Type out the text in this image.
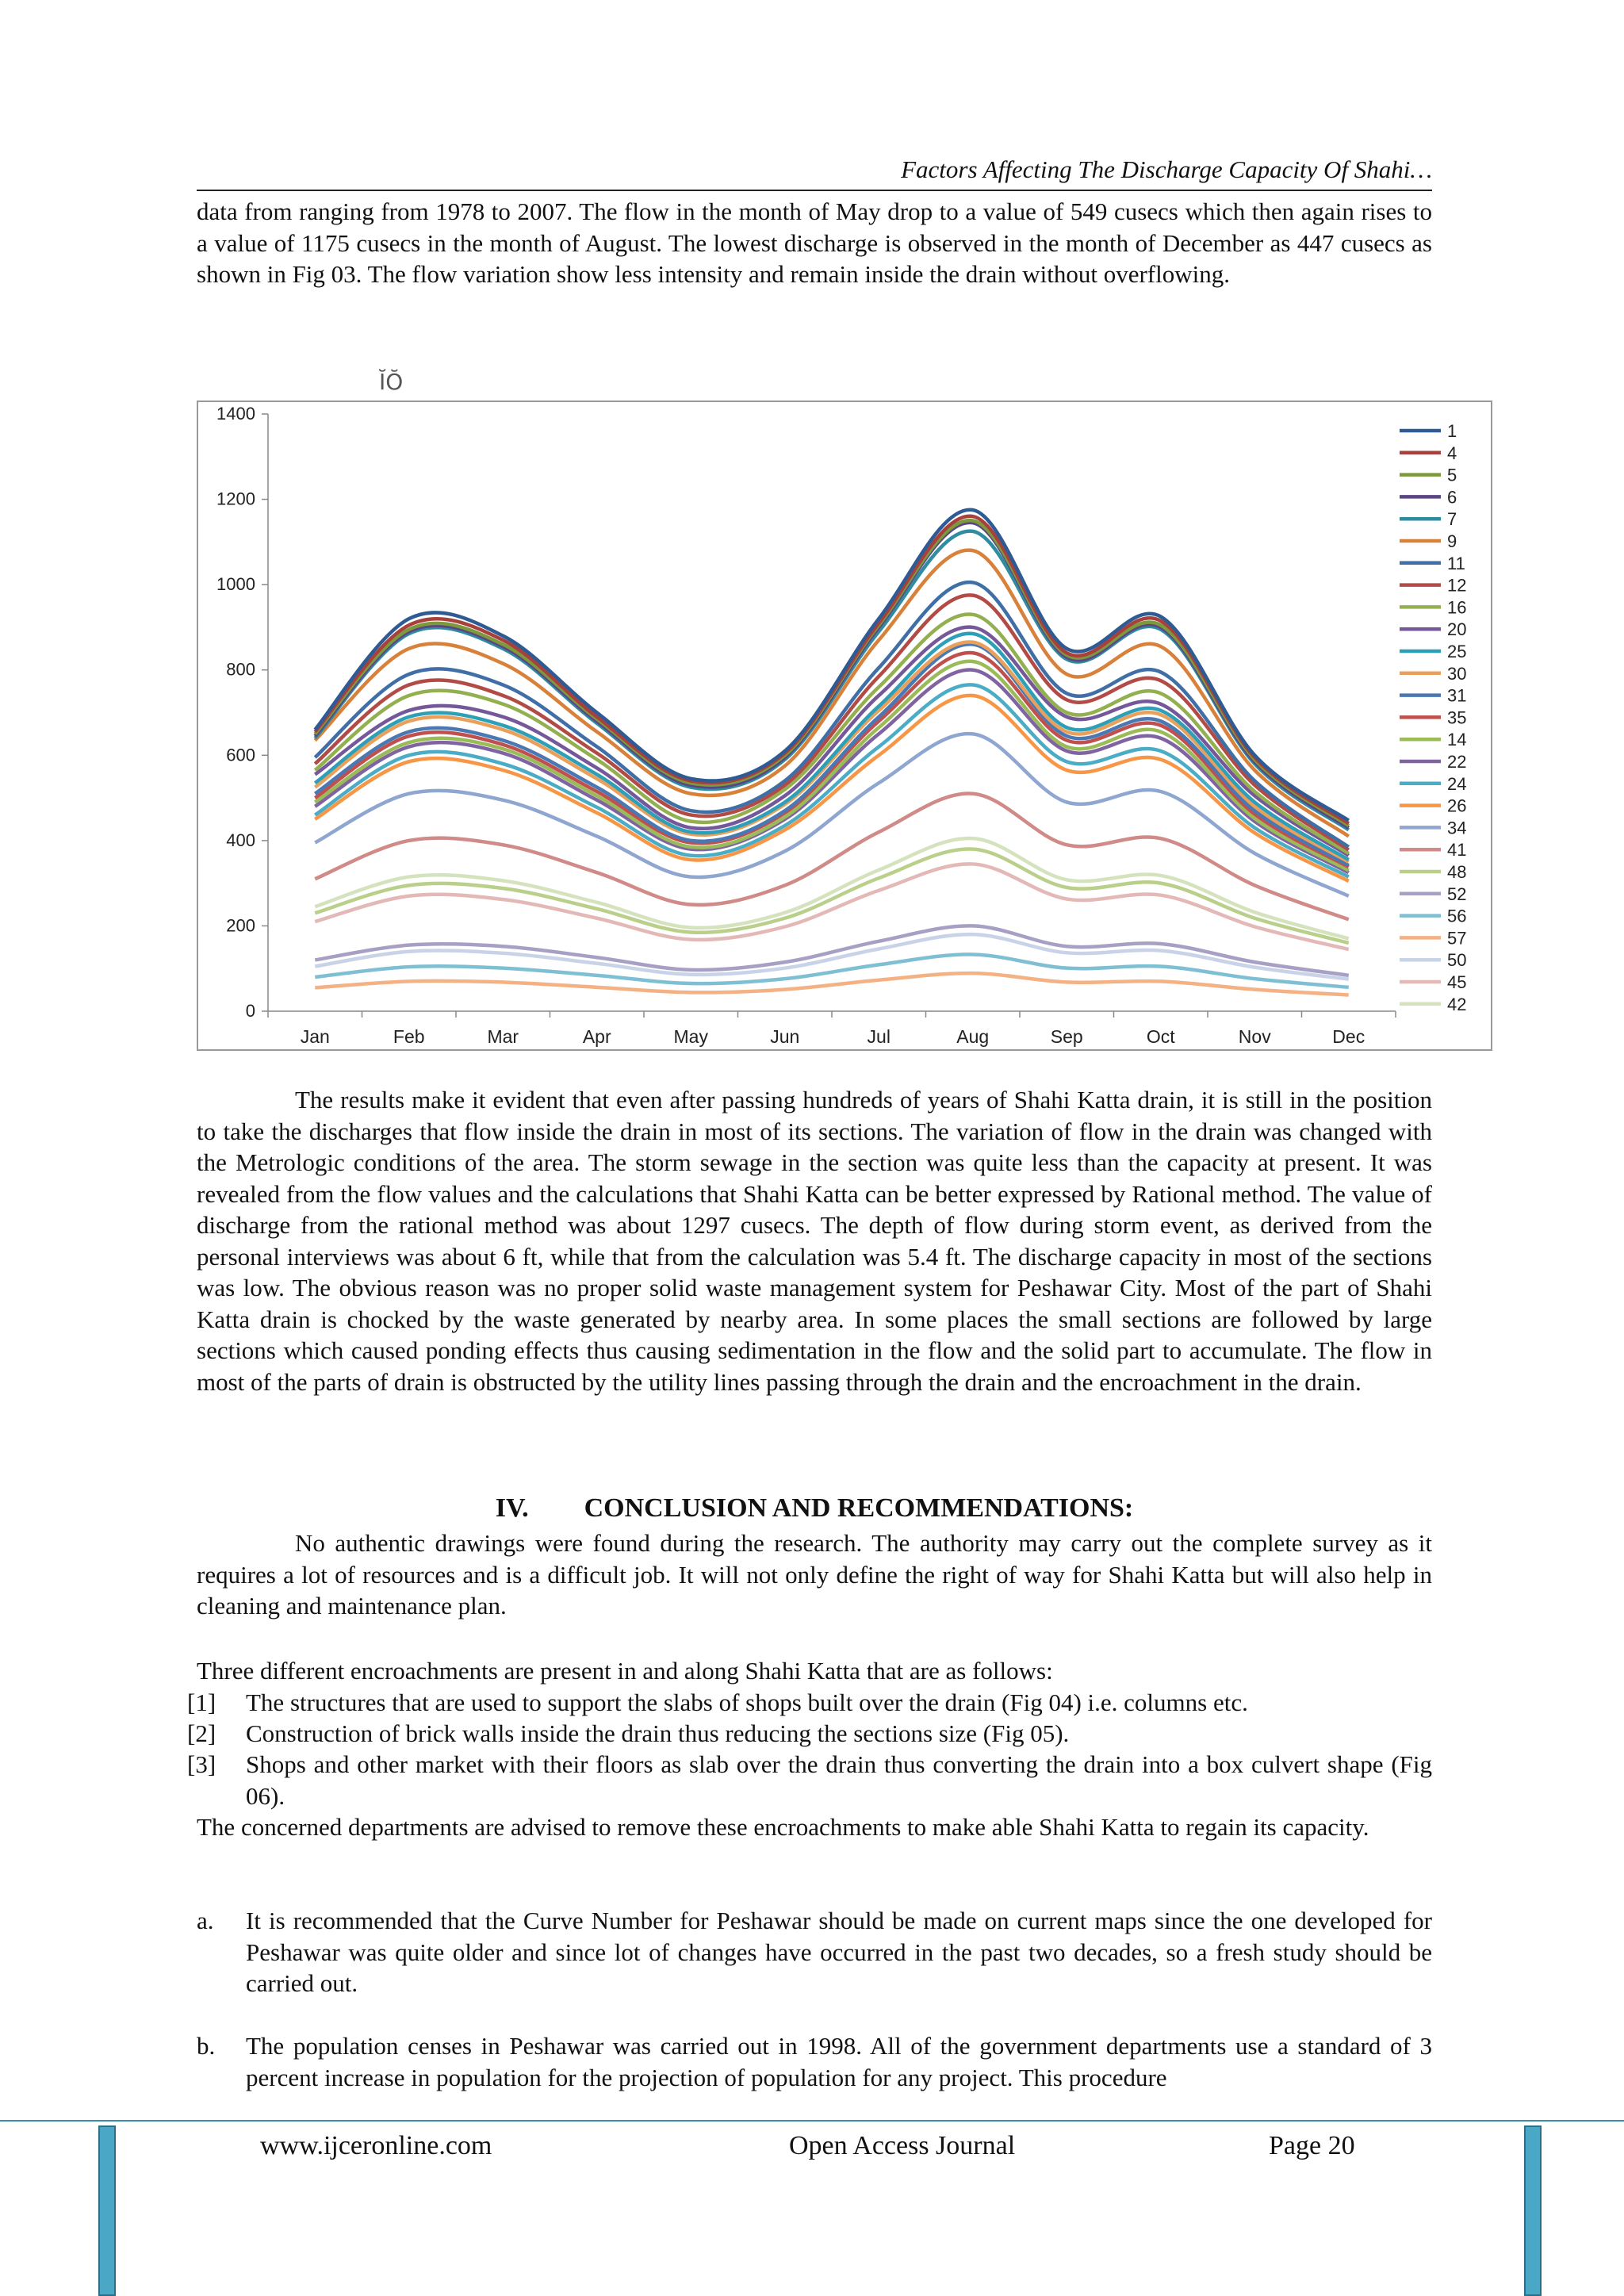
Factors Affecting The Discharge Capacity Of Shahi…
data from ranging from 1978 to 2007. The flow in the month of May drop to a value of 549 cusecs which then again rises to a value of 1175 cusecs in the month of August. The lowest discharge is observed in the month of December as 447 cusecs as shown in Fig 03. The flow variation show less intensity and remain inside the drain without overflowing.
ĬŎ
0
200
400
600
800
1000
1200
1400
Jan	Feb	Mar	Apr	May	Jun	Jul	Aug	Sep	Oct	Nov	Dec
1
4
5
6
7
9
11
12
16
20
25
30
31
35
14
22
24
26
34
41
48
52
56
57
50
45
42
The results make it evident that even after passing hundreds of years of Shahi Katta drain, it is still in the position to take the discharges that flow inside the drain in most of its sections. The variation of flow in the drain was changed with the Metrologic conditions of the area. The storm sewage in the section was quite less than the capacity at present. It was revealed from the flow values and the calculations that Shahi Katta can be better expressed by Rational method. The value of discharge from the rational method was about 1297 cusecs. The depth of flow during storm event, as derived from the personal interviews was about 6 ft, while that from the calculation was 5.4 ft. The discharge capacity in most of the sections was low. The obvious reason was no proper solid waste management system for Peshawar City. Most of the part of Shahi Katta drain is chocked by the waste generated by nearby area. In some places the small sections are followed by large sections which caused ponding effects thus causing sedimentation in the flow and the solid part to accumulate. The flow in most of the parts of drain is obstructed by the utility lines passing through the drain and the encroachment in the drain.
IV. CONCLUSION AND RECOMMENDATIONS:
No authentic drawings were found during the research. The authority may carry out the complete survey as it requires a lot of resources and is a difficult job. It will not only define the right of way for Shahi Katta but will also help in cleaning and maintenance plan.
Three different encroachments are present in and along Shahi Katta that are as follows:
[1] The structures that are used to support the slabs of shops built over the drain (Fig 04) i.e. columns etc.
[2] Construction of brick walls inside the drain thus reducing the sections size (Fig 05).
[3] Shops and other market with their floors as slab over the drain thus converting the drain into a box culvert shape (Fig 06).
The concerned departments are advised to remove these encroachments to make able Shahi Katta to regain its capacity.
a. It is recommended that the Curve Number for Peshawar should be made on current maps since the one developed for Peshawar was quite older and since lot of changes have occurred in the past two decades, so a fresh study should be carried out.
b. The population censes in Peshawar was carried out in 1998. All of the government departments use a standard of 3 percent increase in population for the projection of population for any project. This procedure
www.ijceronline.com	Open Access Journal	Page 20
